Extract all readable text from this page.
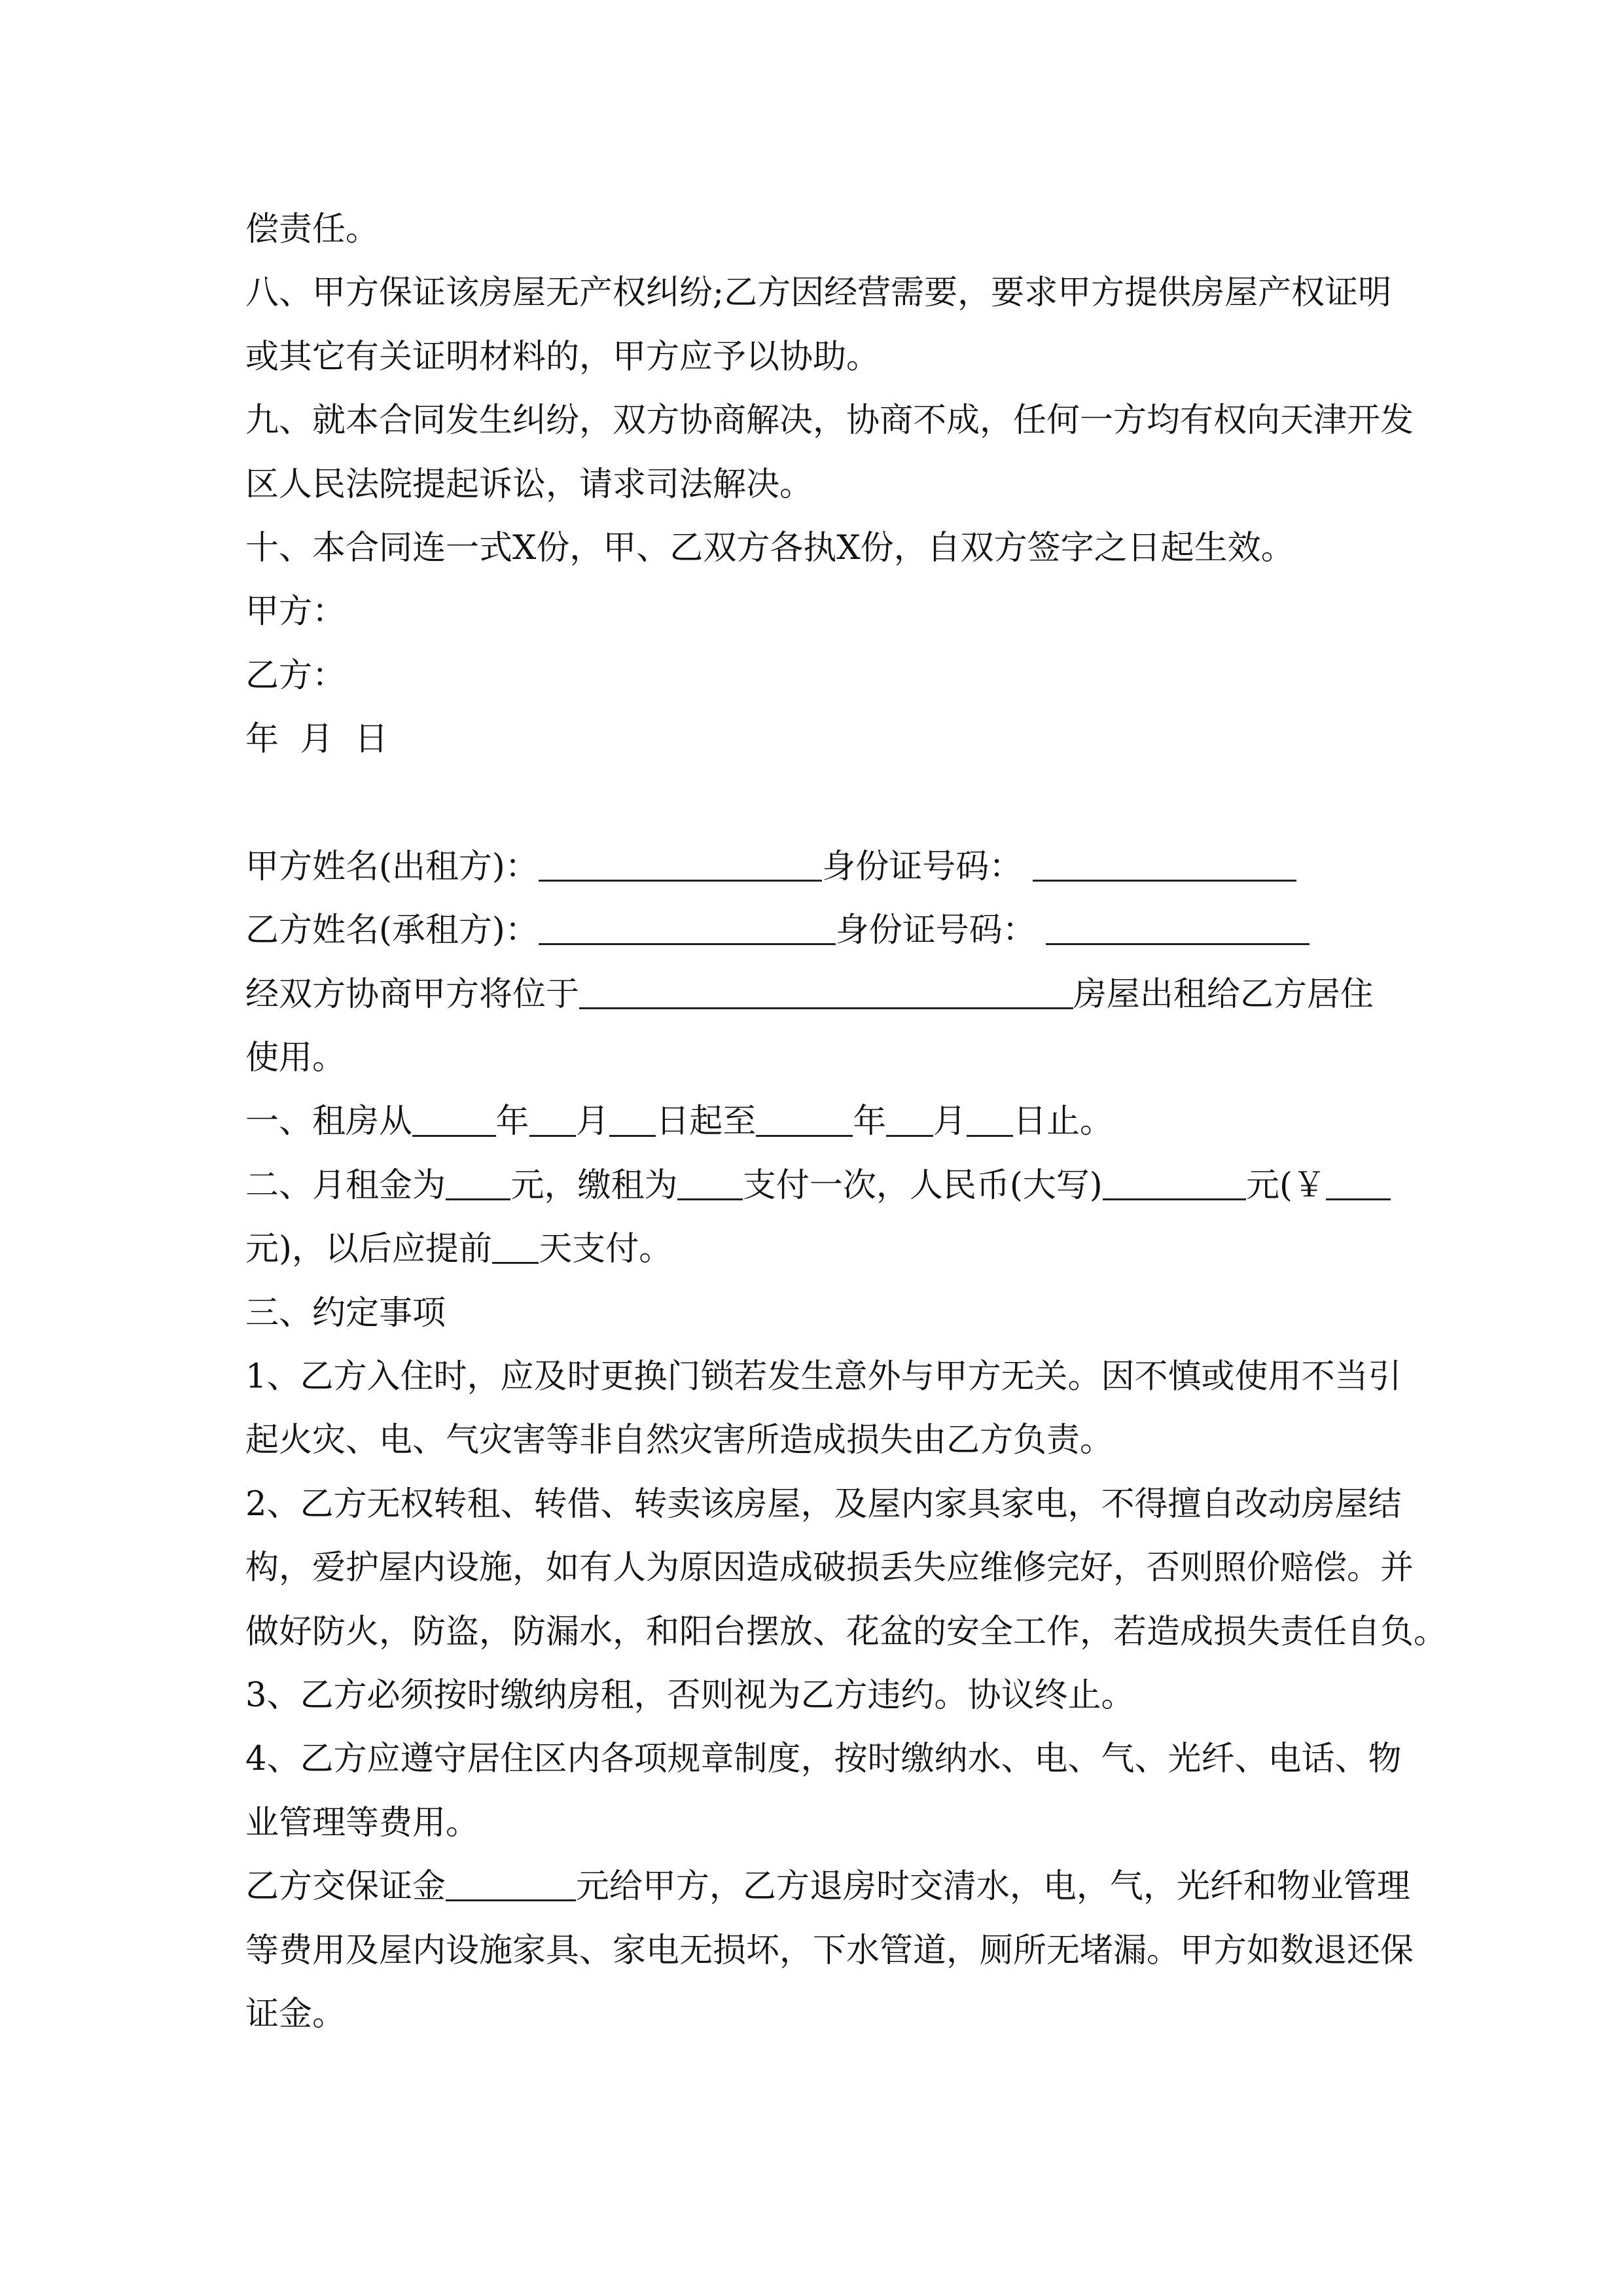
偿责任。
八、甲方保证该房屋无产权纠纷;乙方因经营需要，要求甲方提供房屋产权证明
或其它有关证明材料的，甲方应予以协助。
九、就本合同发生纠纷，双方协商解决，协商不成，任何一方均有权向天津开发
区人民法院提起诉讼，请求司法解决。
十、本合同连一式X份，甲、乙双方各执X份，自双方签字之日起生效。
甲方：
乙方：
年  月  日
甲方姓名(出租方)：	身份证号码：
乙方姓名(承租方)：	身份证号码：
经双方协商甲方将位于	房屋出租给乙方居住
使用。
一、租房从	年 月 日起至	年 月 日止。
二、月租金为 元，缴租为 支付一次，人民币(大写)	元(￥
元)，以后应提前 天支付。
三、约定事项
1、乙方入住时，应及时更换门锁若发生意外与甲方无关。因不慎或使用不当引
起火灾、电、气灾害等非自然灾害所造成损失由乙方负责。
2、乙方无权转租、转借、转卖该房屋，及屋内家具家电，不得擅自改动房屋结
构，爱护屋内设施，如有人为原因造成破损丢失应维修完好，否则照价赔偿。并
做好防火，防盗，防漏水，和阳台摆放、花盆的安全工作，若造成损失责任自负。
3、乙方必须按时缴纳房租，否则视为乙方违约。协议终止。
4、乙方应遵守居住区内各项规章制度，按时缴纳水、电、气、光纤、电话、物
业管理等费用。
乙方交保证金	元给甲方，乙方退房时交清水，电，气，光纤和物业管理
等费用及屋内设施家具、家电无损坏，下水管道，厕所无堵漏。甲方如数退还保
证金。
